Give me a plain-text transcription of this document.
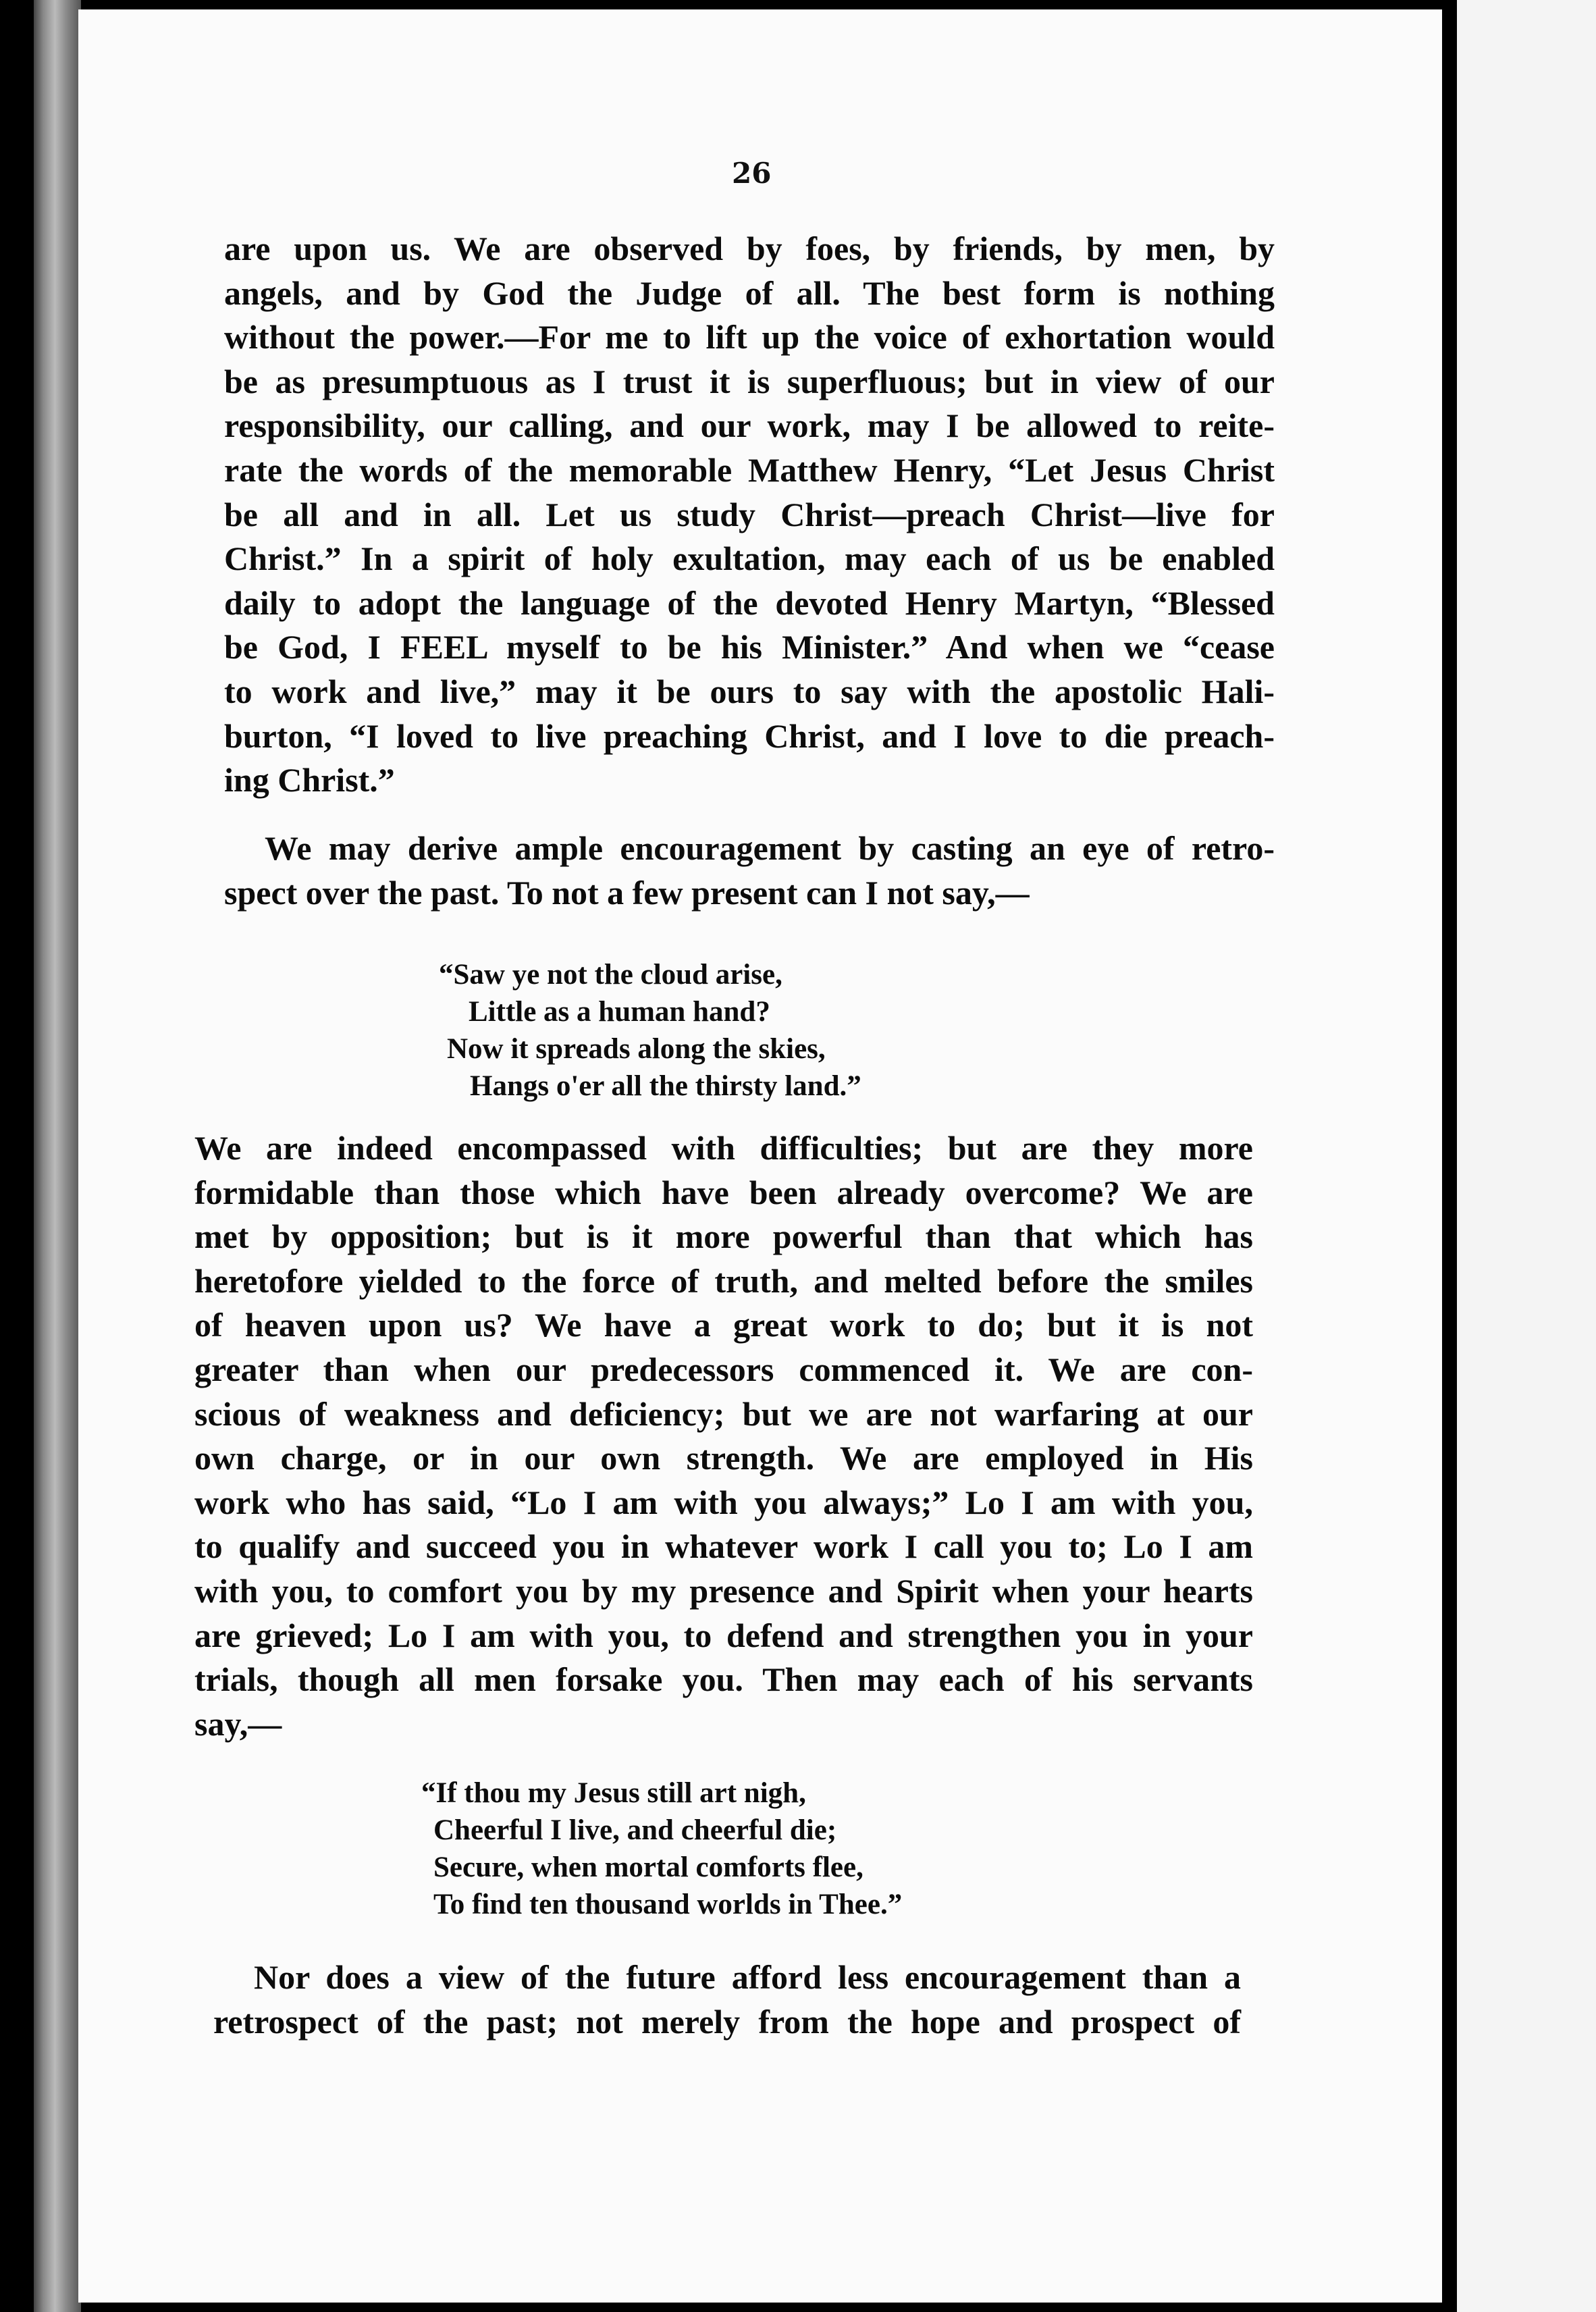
26
are upon us. We are observed by foes, by friends, by men, by
angels, and by God the Judge of all. The best form is nothing
without the power.—For me to lift up the voice of exhortation would
be as presumptuous as I trust it is superfluous; but in view of our
responsibility, our calling, and our work, may I be allowed to reite-
rate the words of the memorable Matthew Henry, “Let Jesus Christ
be all and in all. Let us study Christ—preach Christ—live for
Christ.” In a spirit of holy exultation, may each of us be enabled
daily to adopt the language of the devoted Henry Martyn, “Blessed
be God, I FEEL myself to be his Minister.” And when we “cease
to work and live,” may it be ours to say with the apostolic Hali-
burton, “I loved to live preaching Christ, and I love to die preach-
ing Christ.”
We may derive ample encouragement by casting an eye of retro-
spect over the past. To not a few present can I not say,—
“Saw ye not the cloud arise,
Little as a human hand?
Now it spreads along the skies,
Hangs o'er all the thirsty land.”
We are indeed encompassed with difficulties; but are they more
formidable than those which have been already overcome? We are
met by opposition; but is it more powerful than that which has
heretofore yielded to the force of truth, and melted before the smiles
of heaven upon us? We have a great work to do; but it is not
greater than when our predecessors commenced it. We are con-
scious of weakness and deficiency; but we are not warfaring at our
own charge, or in our own strength. We are employed in His
work who has said, “Lo I am with you always;” Lo I am with you,
to qualify and succeed you in whatever work I call you to; Lo I am
with you, to comfort you by my presence and Spirit when your hearts
are grieved; Lo I am with you, to defend and strengthen you in your
trials, though all men forsake you. Then may each of his servants
say,—
“If thou my Jesus still art nigh,
Cheerful I live, and cheerful die;
Secure, when mortal comforts flee,
To find ten thousand worlds in Thee.”
Nor does a view of the future afford less encouragement than a
retrospect of the past; not merely from the hope and prospect of
